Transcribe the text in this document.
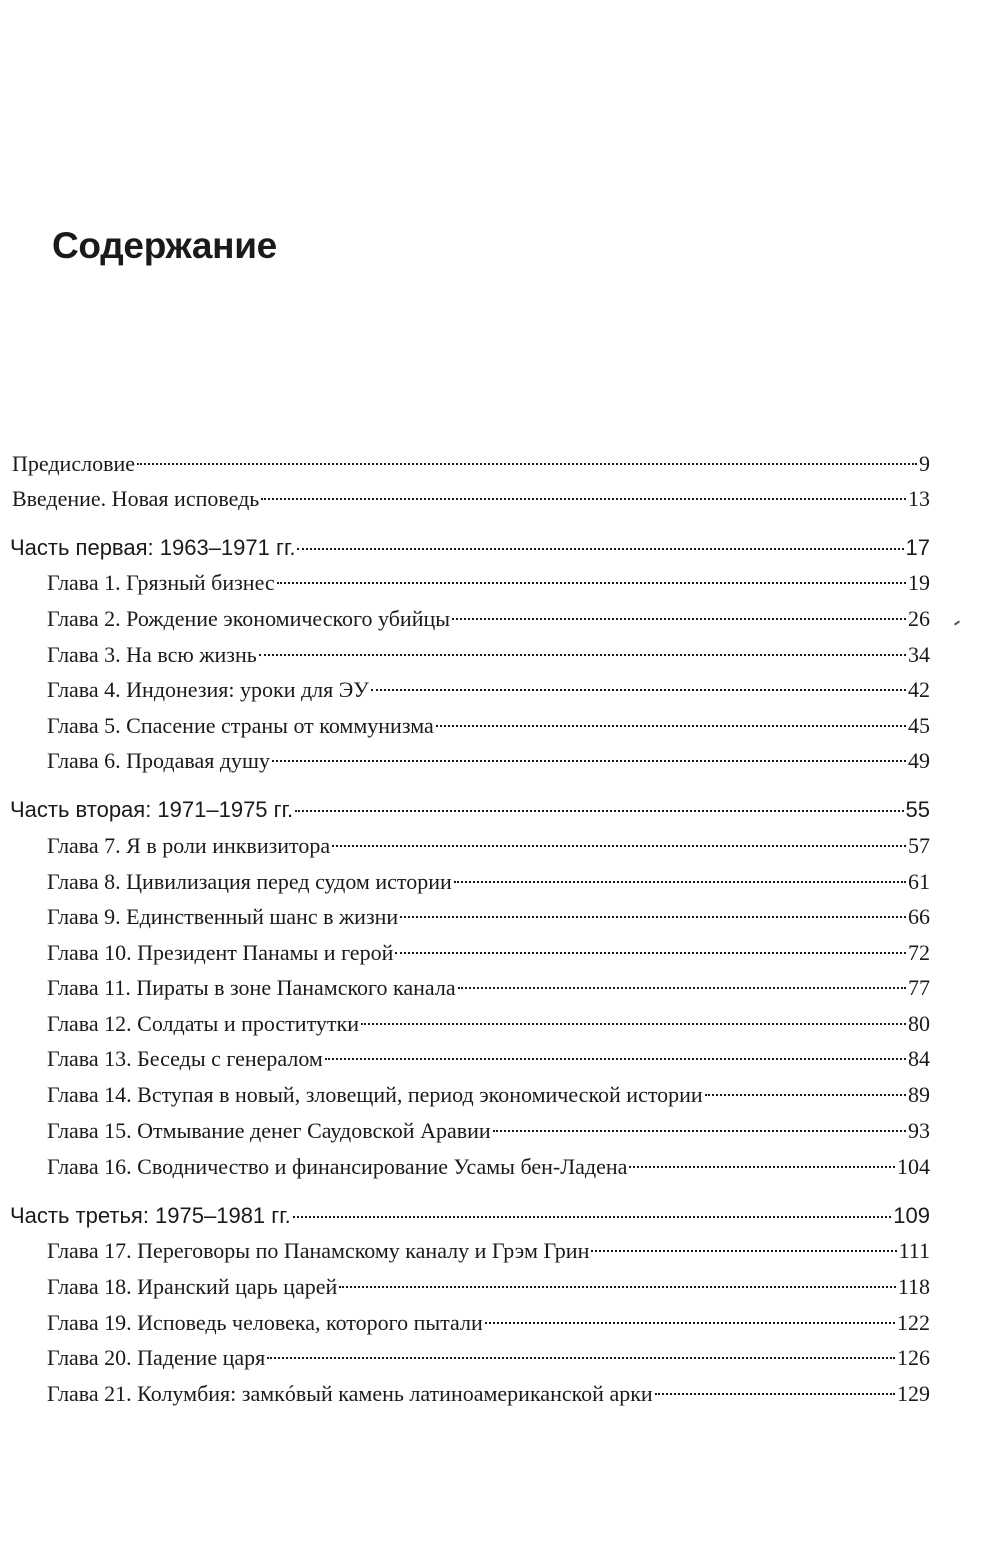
Содержание
Предисловие	9
Введение. Новая исповедь	13
Часть первая: 1963–1971 гг.	17
Глава 1. Грязный бизнес	19
Глава 2. Рождение экономического убийцы	26
Глава 3. На всю жизнь	34
Глава 4. Индонезия: уроки для ЭУ	42
Глава 5. Спасение страны от коммунизма	45
Глава 6. Продавая душу	49
Часть вторая: 1971–1975 гг.	55
Глава 7. Я в роли инквизитора	57
Глава 8. Цивилизация перед судом истории	61
Глава 9. Единственный шанс в жизни	66
Глава 10. Президент Панамы и герой	72
Глава 11. Пираты в зоне Панамского канала	77
Глава 12. Солдаты и проститутки	80
Глава 13. Беседы с генералом	84
Глава 14. Вступая в новый, зловещий, период экономической истории	89
Глава 15. Отмывание денег Саудовской Аравии	93
Глава 16. Сводничество и финансирование Усамы бен-Ладена	104
Часть третья: 1975–1981 гг.	109
Глава 17. Переговоры по Панамскому каналу и Грэм Грин	111
Глава 18. Иранский царь царей	118
Глава 19. Исповедь человека, которого пытали	122
Глава 20. Падение царя	126
Глава 21. Колумбия: замкóвый камень латиноамериканской арки	129
